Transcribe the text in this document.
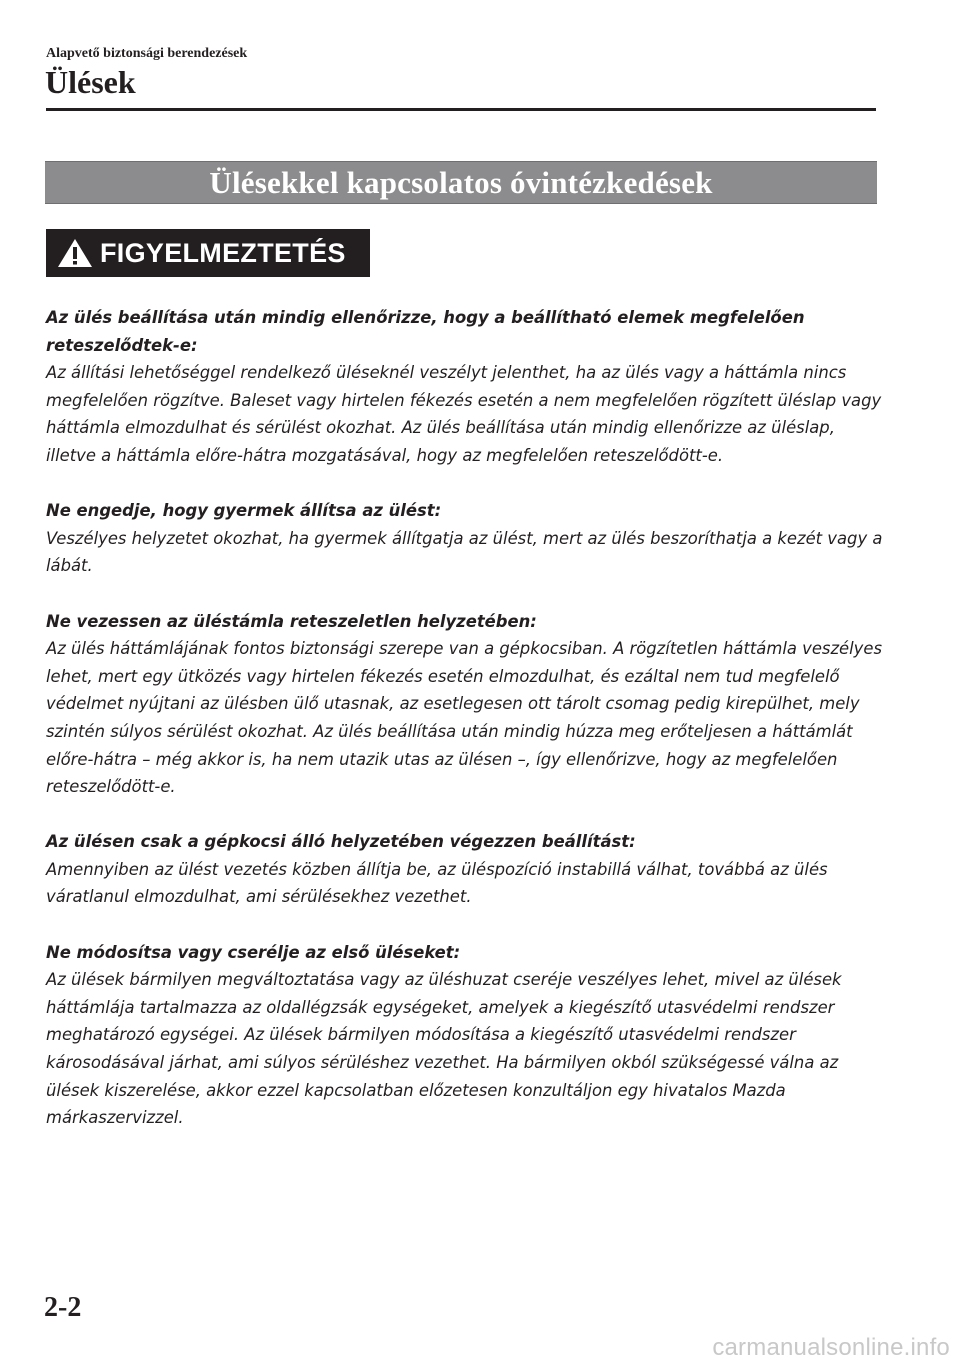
Alapvető biztonsági berendezések
Ülések
Ülésekkel kapcsolatos óvintézkedések
FIGYELMEZTETÉS
Az ülés beállítása után mindig ellenőrizze, hogy a beállítható elemek megfelelően reteszelődtek-e:
Az állítási lehetőséggel rendelkező üléseknél veszélyt jelenthet, ha az ülés vagy a háttámla nincs megfelelően rögzítve. Baleset vagy hirtelen fékezés esetén a nem megfelelően rögzített üléslap vagy háttámla elmozdulhat és sérülést okozhat. Az ülés beállítása után mindig ellenőrizze az üléslap, illetve a háttámla előre-hátra mozgatásával, hogy az megfelelően reteszelődött-e.
Ne engedje, hogy gyermek állítsa az ülést:
Veszélyes helyzetet okozhat, ha gyermek állítgatja az ülést, mert az ülés beszoríthatja a kezét vagy a lábát.
Ne vezessen az üléstámla reteszeletlen helyzetében:
Az ülés háttámlájának fontos biztonsági szerepe van a gépkocsiban. A rögzítetlen háttámla veszélyes lehet, mert egy ütközés vagy hirtelen fékezés esetén elmozdulhat, és ezáltal nem tud megfelelő védelmet nyújtani az ülésben ülő utasnak, az esetlegesen ott tárolt csomag pedig kirepülhet, mely szintén súlyos sérülést okozhat. Az ülés beállítása után mindig húzza meg erőteljesen a háttámlát előre-hátra – még akkor is, ha nem utazik utas az ülésen –, így ellenőrizve, hogy az megfelelően reteszelődött-e.
Az ülésen csak a gépkocsi álló helyzetében végezzen beállítást:
Amennyiben az ülést vezetés közben állítja be, az üléspozíció instabillá válhat, továbbá az ülés váratlanul elmozdulhat, ami sérülésekhez vezethet.
Ne módosítsa vagy cserélje az első üléseket:
Az ülések bármilyen megváltoztatása vagy az üléshuzat cseréje veszélyes lehet, mivel az ülések háttámlája tartalmazza az oldallégzsák egységeket, amelyek a kiegészítő utasvédelmi rendszer meghatározó egységei. Az ülések bármilyen módosítása a kiegészítő utasvédelmi rendszer károsodásával járhat, ami súlyos sérüléshez vezethet. Ha bármilyen okból szükségessé válna az ülések kiszerelése, akkor ezzel kapcsolatban előzetesen konzultáljon egy hivatalos Mazda márkaszervizzel.
2-2
carmanualsonline.info
